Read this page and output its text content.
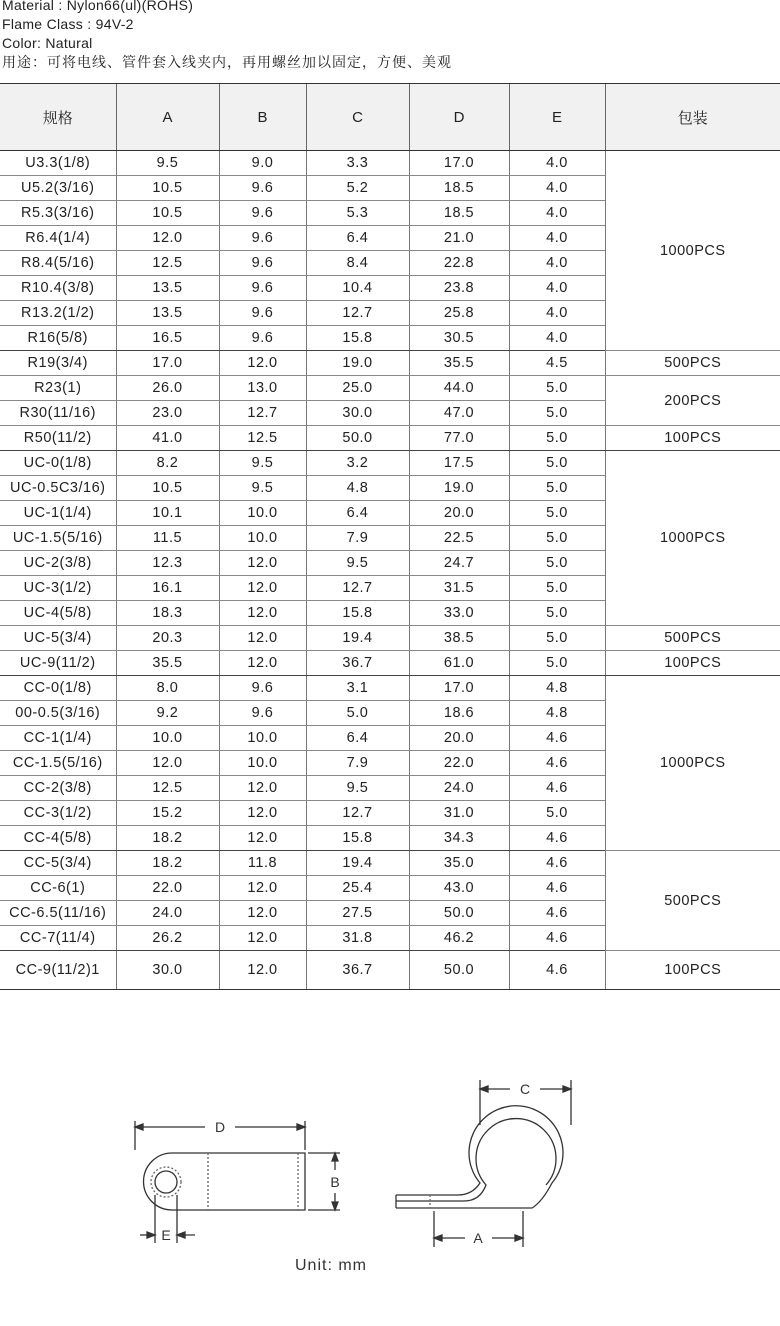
Material : Nylon66(ul)(ROHS)
Flame Class : 94V-2
Color: Natural
用途：可将电线、管件套入线夹内，再用螺丝加以固定，方便、美观
规格	A	B	C	D	E	包装
U3.3(1/8)	9.5	9.0	3.3	17.0	4.0	1000PCS
U5.2(3/16)	10.5	9.6	5.2	18.5	4.0	
R5.3(3/16)	10.5	9.6	5.3	18.5	4.0	
R6.4(1/4)	12.0	9.6	6.4	21.0	4.0	
R8.4(5/16)	12.5	9.6	8.4	22.8	4.0	
R10.4(3/8)	13.5	9.6	10.4	23.8	4.0	
R13.2(1/2)	13.5	9.6	12.7	25.8	4.0	
R16(5/8)	16.5	9.6	15.8	30.5	4.0	
R19(3/4)	17.0	12.0	19.0	35.5	4.5	500PCS
R23(1)	26.0	13.0	25.0	44.0	5.0	200PCS
R30(11/16)	23.0	12.7	30.0	47.0	5.0	
R50(11/2)	41.0	12.5	50.0	77.0	5.0	100PCS
UC-0(1/8)	8.2	9.5	3.2	17.5	5.0	1000PCS
UC-0.5C3/16)	10.5	9.5	4.8	19.0	5.0	
UC-1(1/4)	10.1	10.0	6.4	20.0	5.0	
UC-1.5(5/16)	11.5	10.0	7.9	22.5	5.0	
UC-2(3/8)	12.3	12.0	9.5	24.7	5.0	
UC-3(1/2)	16.1	12.0	12.7	31.5	5.0	
UC-4(5/8)	18.3	12.0	15.8	33.0	5.0	
UC-5(3/4)	20.3	12.0	19.4	38.5	5.0	500PCS
UC-9(11/2)	35.5	12.0	36.7	61.0	5.0	100PCS
CC-0(1/8)	8.0	9.6	3.1	17.0	4.8	1000PCS
00-0.5(3/16)	9.2	9.6	5.0	18.6	4.8	
CC-1(1/4)	10.0	10.0	6.4	20.0	4.6	
CC-1.5(5/16)	12.0	10.0	7.9	22.0	4.6	
CC-2(3/8)	12.5	12.0	9.5	24.0	4.6	
CC-3(1/2)	15.2	12.0	12.7	31.0	5.0	
CC-4(5/8)	18.2	12.0	15.8	34.3	4.6	
CC-5(3/4)	18.2	11.8	19.4	35.0	4.6	500PCS
CC-6(1)	22.0	12.0	25.4	43.0	4.6	
CC-6.5(11/16)	24.0	12.0	27.5	50.0	4.6	
CC-7(11/4)	26.2	12.0	31.8	46.2	4.6	
CC-9(11/2)1	30.0	12.0	36.7	50.0	4.6	100PCS
D
B
E
C
A
Unit: mm
